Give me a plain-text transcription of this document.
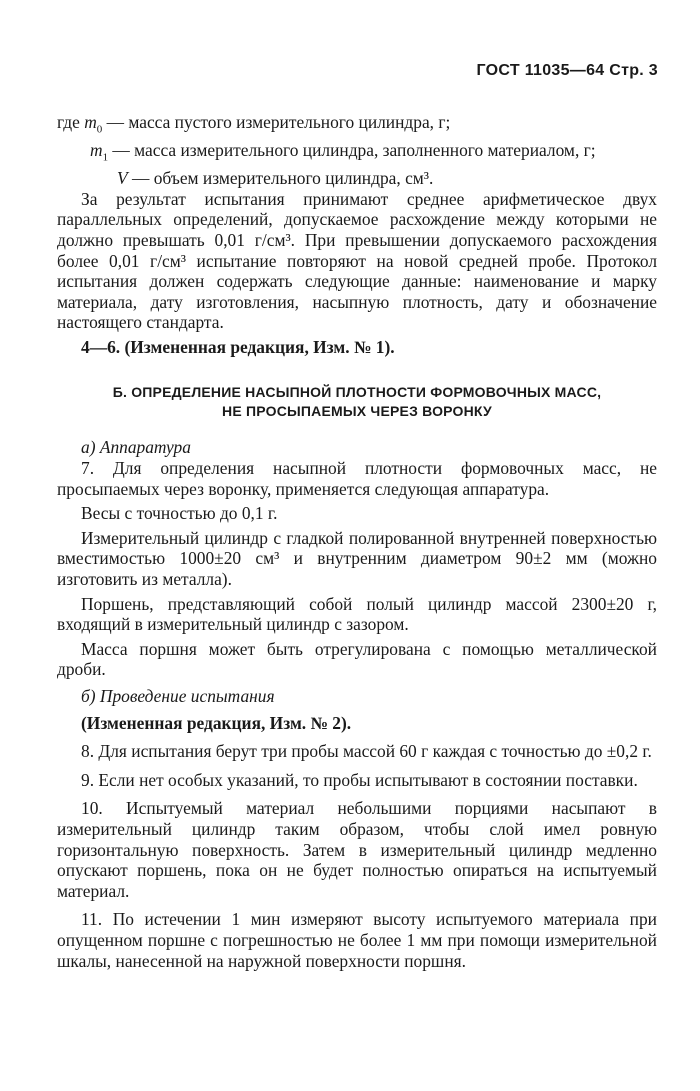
ГОСТ 11035—64 Стр. 3

где $m_0$ — масса пустого измерительного цилиндра, г;

$m_1$ — масса измерительного цилиндра, заполненного материалом, г;

V — объем измерительного цилиндра, см³.

За результат испытания принимают среднее арифметическое двух параллельных определений, допускаемое расхождение между которыми не должно превышать 0,01 г/см³. При превышении допускаемого расхождения более 0,01 г/см³ испытание повторяют на новой средней пробе. Протокол испытания должен содержать следующие данные: наименование и марку материала, дату изготовления, насыпную плотность, дату и обозначение настоящего стандарта.

4—6. (Измененная редакция, Изм. № 1).

Б. ОПРЕДЕЛЕНИЕ НАСЫПНОЙ ПЛОТНОСТИ ФОРМОВОЧНЫХ МАСС,
НЕ ПРОСЫПАЕМЫХ ЧЕРЕЗ ВОРОНКУ

а) Аппаратура

7. Для определения насыпной плотности формовочных масс, не просыпаемых через воронку, применяется следующая аппаратура.

Весы с точностью до 0,1 г.

Измерительный цилиндр с гладкой полированной внутренней поверхностью вместимостью 1000±20 см³ и внутренним диаметром 90±2 мм (можно изготовить из металла).

Поршень, представляющий собой полый цилиндр массой 2300±20 г, входящий в измерительный цилиндр с зазором.

Масса поршня может быть отрегулирована с помощью металлической дроби.

б) Проведение испытания

(Измененная редакция, Изм. № 2).

8. Для испытания берут три пробы массой 60 г каждая с точностью до ±0,2 г.

9. Если нет особых указаний, то пробы испытывают в состоянии поставки.

10. Испытуемый материал небольшими порциями насыпают в измерительный цилиндр таким образом, чтобы слой имел ровную горизонтальную поверхность. Затем в измерительный цилиндр медленно опускают поршень, пока он не будет полностью опираться на испытуемый материал.

11. По истечении 1 мин измеряют высоту испытуемого материала при опущенном поршне с погрешностью не более 1 мм при помощи измерительной шкалы, нанесенной на наружной поверхности поршня.
